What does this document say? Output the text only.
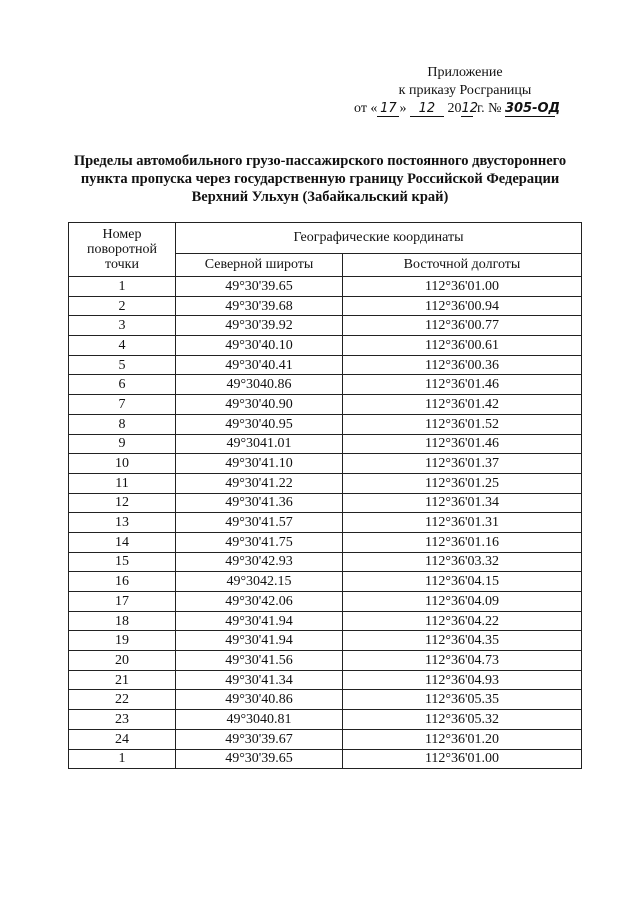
Приложение
к приказу Росграницы
от « 17 » 12 2012 г. № 305-ОД
Пределы автомобильного грузо-пассажирского постоянного двустороннего
пункта пропуска через государственную границу Российской Федерации
Верхний Ульхун (Забайкальский край)
Номер поворотной точки	Географические координаты	
	Северной широты	Восточной долготы
1	49°30'39.65	112°36'01.00
2	49°30'39.68	112°36'00.94
3	49°30'39.92	112°36'00.77
4	49°30'40.10	112°36'00.61
5	49°30'40.41	112°36'00.36
6	49°3040.86	112°36'01.46
7	49°30'40.90	112°36'01.42
8	49°30'40.95	112°36'01.52
9	49°3041.01	112°36'01.46
10	49°30'41.10	112°36'01.37
11	49°30'41.22	112°36'01.25
12	49°30'41.36	112°36'01.34
13	49°30'41.57	112°36'01.31
14	49°30'41.75	112°36'01.16
15	49°30'42.93	112°36'03.32
16	49°3042.15	112°36'04.15
17	49°30'42.06	112°36'04.09
18	49°30'41.94	112°36'04.22
19	49°30'41.94	112°36'04.35
20	49°30'41.56	112°36'04.73
21	49°30'41.34	112°36'04.93
22	49°30'40.86	112°36'05.35
23	49°3040.81	112°36'05.32
24	49°30'39.67	112°36'01.20
1	49°30'39.65	112°36'01.00
